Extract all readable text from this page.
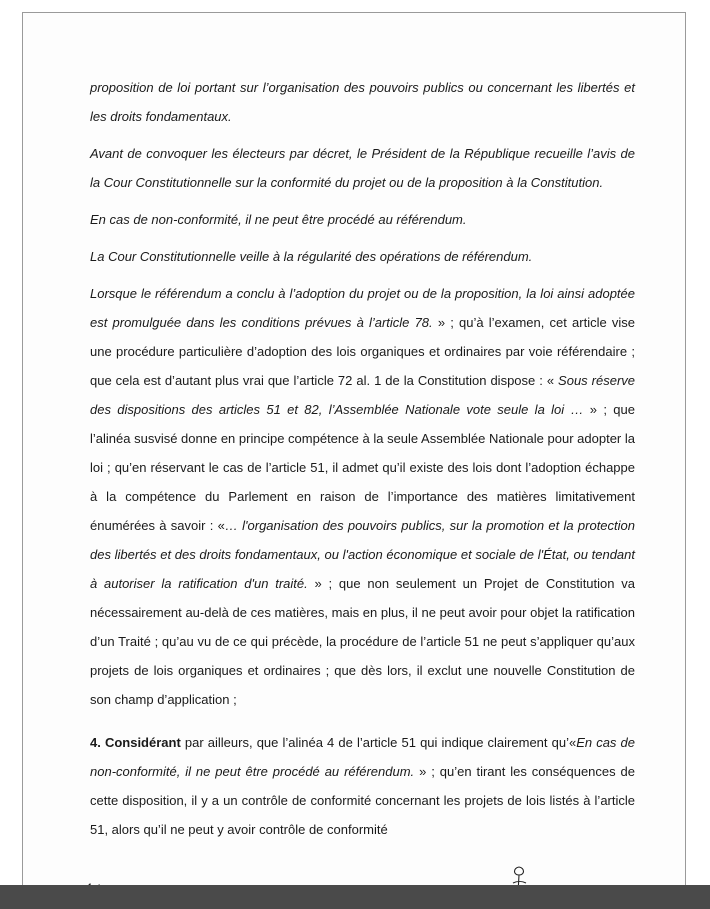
proposition de loi portant sur l’organisation des pouvoirs publics ou concernant les libertés et les droits fondamentaux.

Avant de convoquer les électeurs par décret, le Président de la République recueille l’avis de la Cour Constitutionnelle sur la conformité du projet ou de la proposition à la Constitution.

En cas de non-conformité, il ne peut être procédé au référendum.

La Cour Constitutionnelle veille à la régularité des opérations de référendum.

Lorsque le référendum a conclu à l’adoption du projet ou de la proposition, la loi ainsi adoptée est promulguée dans les conditions prévues à l’article 78. » ; qu’à l’examen, cet article vise une procédure particulière d’adoption des lois organiques et ordinaires par voie référendaire ; que cela est d’autant plus vrai que l’article 72 al. 1 de la Constitution dispose : « Sous réserve des dispositions des articles 51 et 82, l’Assemblée Nationale vote seule la loi … » ; que l’alinéa susvisé donne en principe compétence à la seule Assemblée Nationale pour adopter la loi ; qu’en réservant le cas de l’article 51, il admet qu’il existe des lois dont l’adoption échappe à la compétence du Parlement en raison de l’importance des matières limitativement énumérées à savoir : «… l'organisation des pouvoirs publics, sur la promotion et la protection des libertés et des droits fondamentaux, ou l'action économique et sociale de l'État, ou tendant à autoriser la ratification d'un traité. » ; que non seulement un Projet de Constitution va nécessairement au-delà de ces matières, mais en plus, il ne peut avoir pour objet la ratification d’un Traité ; qu’au vu de ce qui précède, la procédure de l’article 51 ne peut s’appliquer qu’aux projets de lois organiques et ordinaires ; que dès lors, il exclut une nouvelle Constitution de son champ d’application ;

4. Considérant par ailleurs, que l’alinéa 4 de l’article 51 qui indique clairement qu’«En cas de non-conformité, il ne peut être procédé au référendum. » ; qu’en tirant les conséquences de cette disposition, il y a un contrôle de conformité concernant les projets de lois listés à l’article 51, alors qu’il ne peut y avoir contrôle de conformité
